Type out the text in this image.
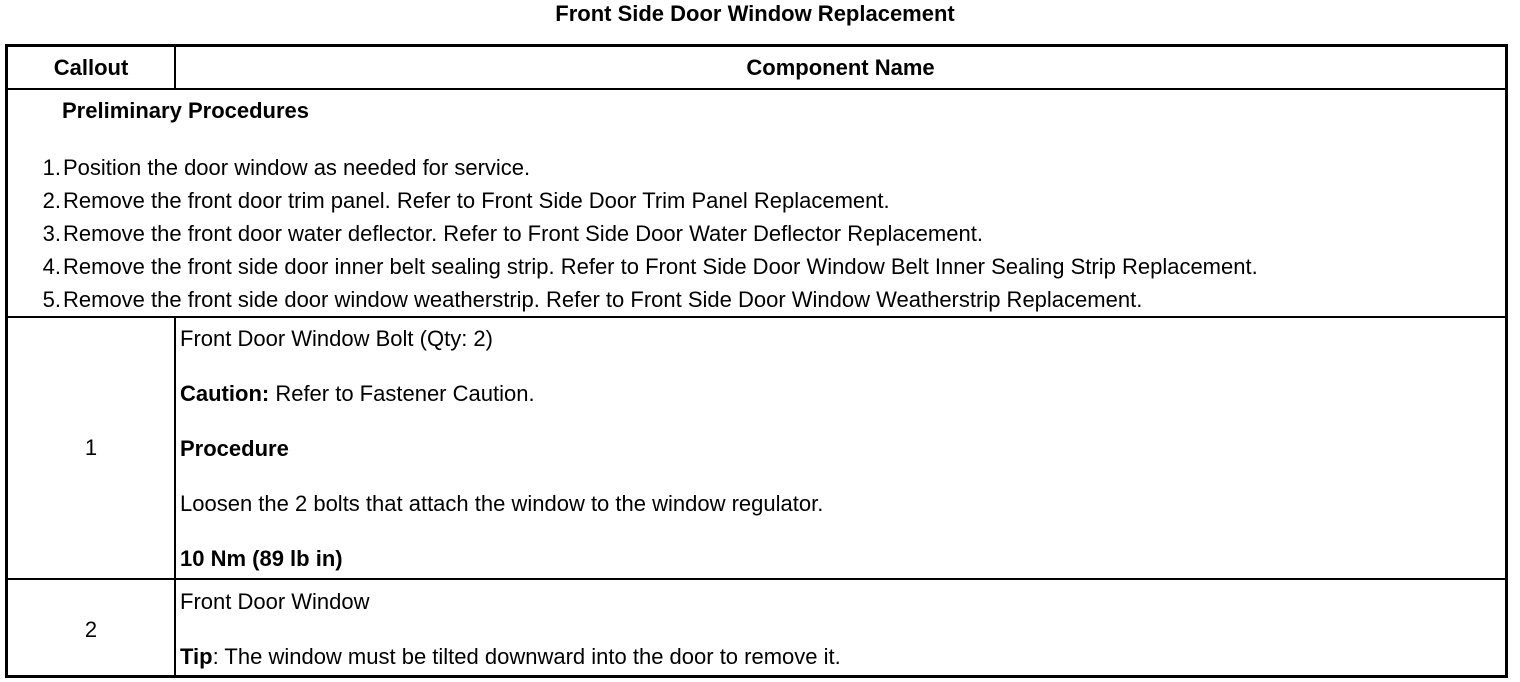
Front Side Door Window Replacement
Callout	Component Name
Preliminary Procedures
1.Position the door window as needed for service.
2.Remove the front door trim panel. Refer to Front Side Door Trim Panel Replacement.
3.Remove the front door water deflector. Refer to Front Side Door Water Deflector Replacement.
4.Remove the front side door inner belt sealing strip. Refer to Front Side Door Window Belt Inner Sealing Strip Replacement.
5.Remove the front side door window weatherstrip. Refer to Front Side Door Window Weatherstrip Replacement.
1
Front Door Window Bolt (Qty: 2)
Caution: Refer to Fastener Caution.
Procedure
Loosen the 2 bolts that attach the window to the window regulator.
10 Nm (89 lb in)
2
Front Door Window
Tip: The window must be tilted downward into the door to remove it.
